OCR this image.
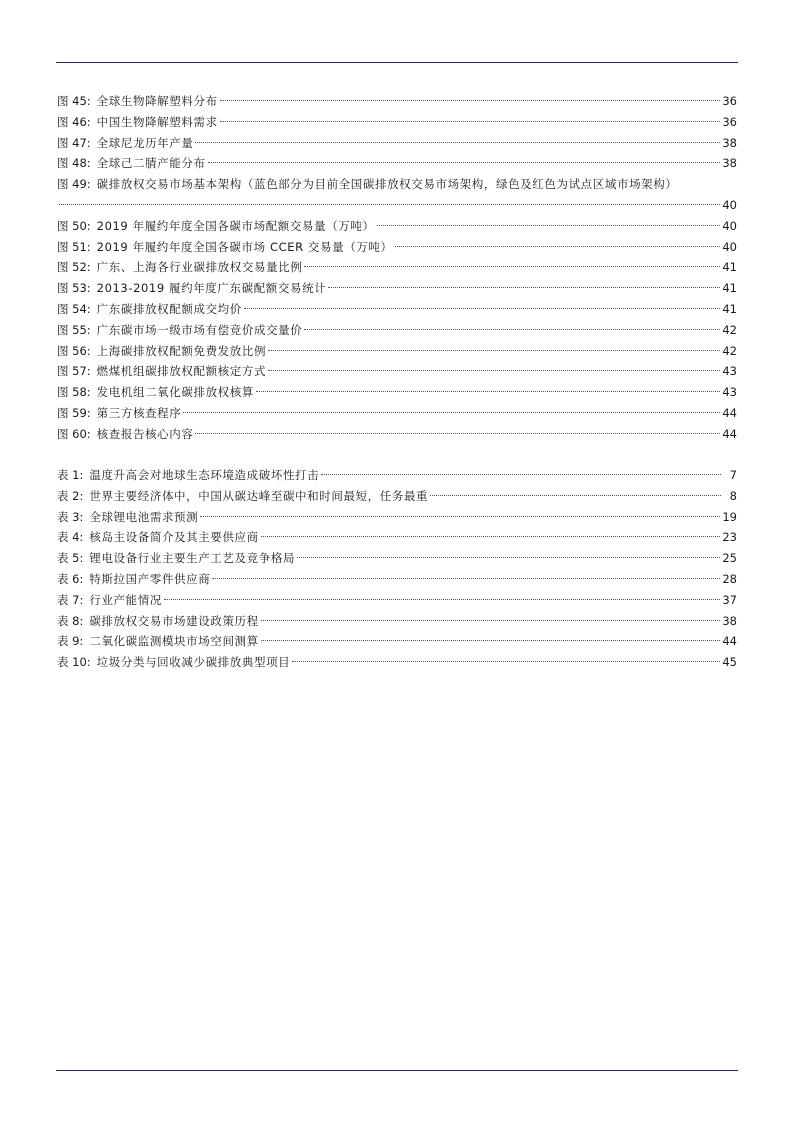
图 45 : 全球生物降解塑料分布	36
图 46 : 中国生物降解塑料需求	36
图 47 : 全球尼龙历年产量	38
图 48 : 全球己二腈产能分布	38
图 49 : 碳排放权交易市场基本架构（蓝色部分为目前全国碳排放权交易市场架构，绿色及红色为试点区域市场架构）
40
图 50 : 2019 年履约年度全国各碳市场配额交易量（万吨）	40
图 51 : 2019 年履约年度全国各碳市场 CCER 交易量（万吨）	40
图 52 : 广东、上海各行业碳排放权交易量比例	41
图 53 : 2013-2019 履约年度广东碳配额交易统计	41
图 54 : 广东碳排放权配额成交均价	41
图 55 : 广东碳市场一级市场有偿竞价成交量价	42
图 56 : 上海碳排放权配额免费发放比例	42
图 57 : 燃煤机组碳排放权配额核定方式	43
图 58 : 发电机组二氧化碳排放权核算	43
图 59 : 第三方核查程序	44
图 60 : 核查报告核心内容	44
表 1 : 温度升高会对地球生态环境造成破坏性打击	7
表 2 : 世界主要经济体中，中国从碳达峰至碳中和时间最短，任务最重	8
表 3 : 全球锂电池需求预测	19
表 4 : 核岛主设备简介及其主要供应商	23
表 5 : 锂电设备行业主要生产工艺及竞争格局	25
表 6 : 特斯拉国产零件供应商	28
表 7 : 行业产能情况	37
表 8 : 碳排放权交易市场建设政策历程	38
表 9 : 二氧化碳监测模块市场空间测算	44
表 10 : 垃圾分类与回收减少碳排放典型项目	45
